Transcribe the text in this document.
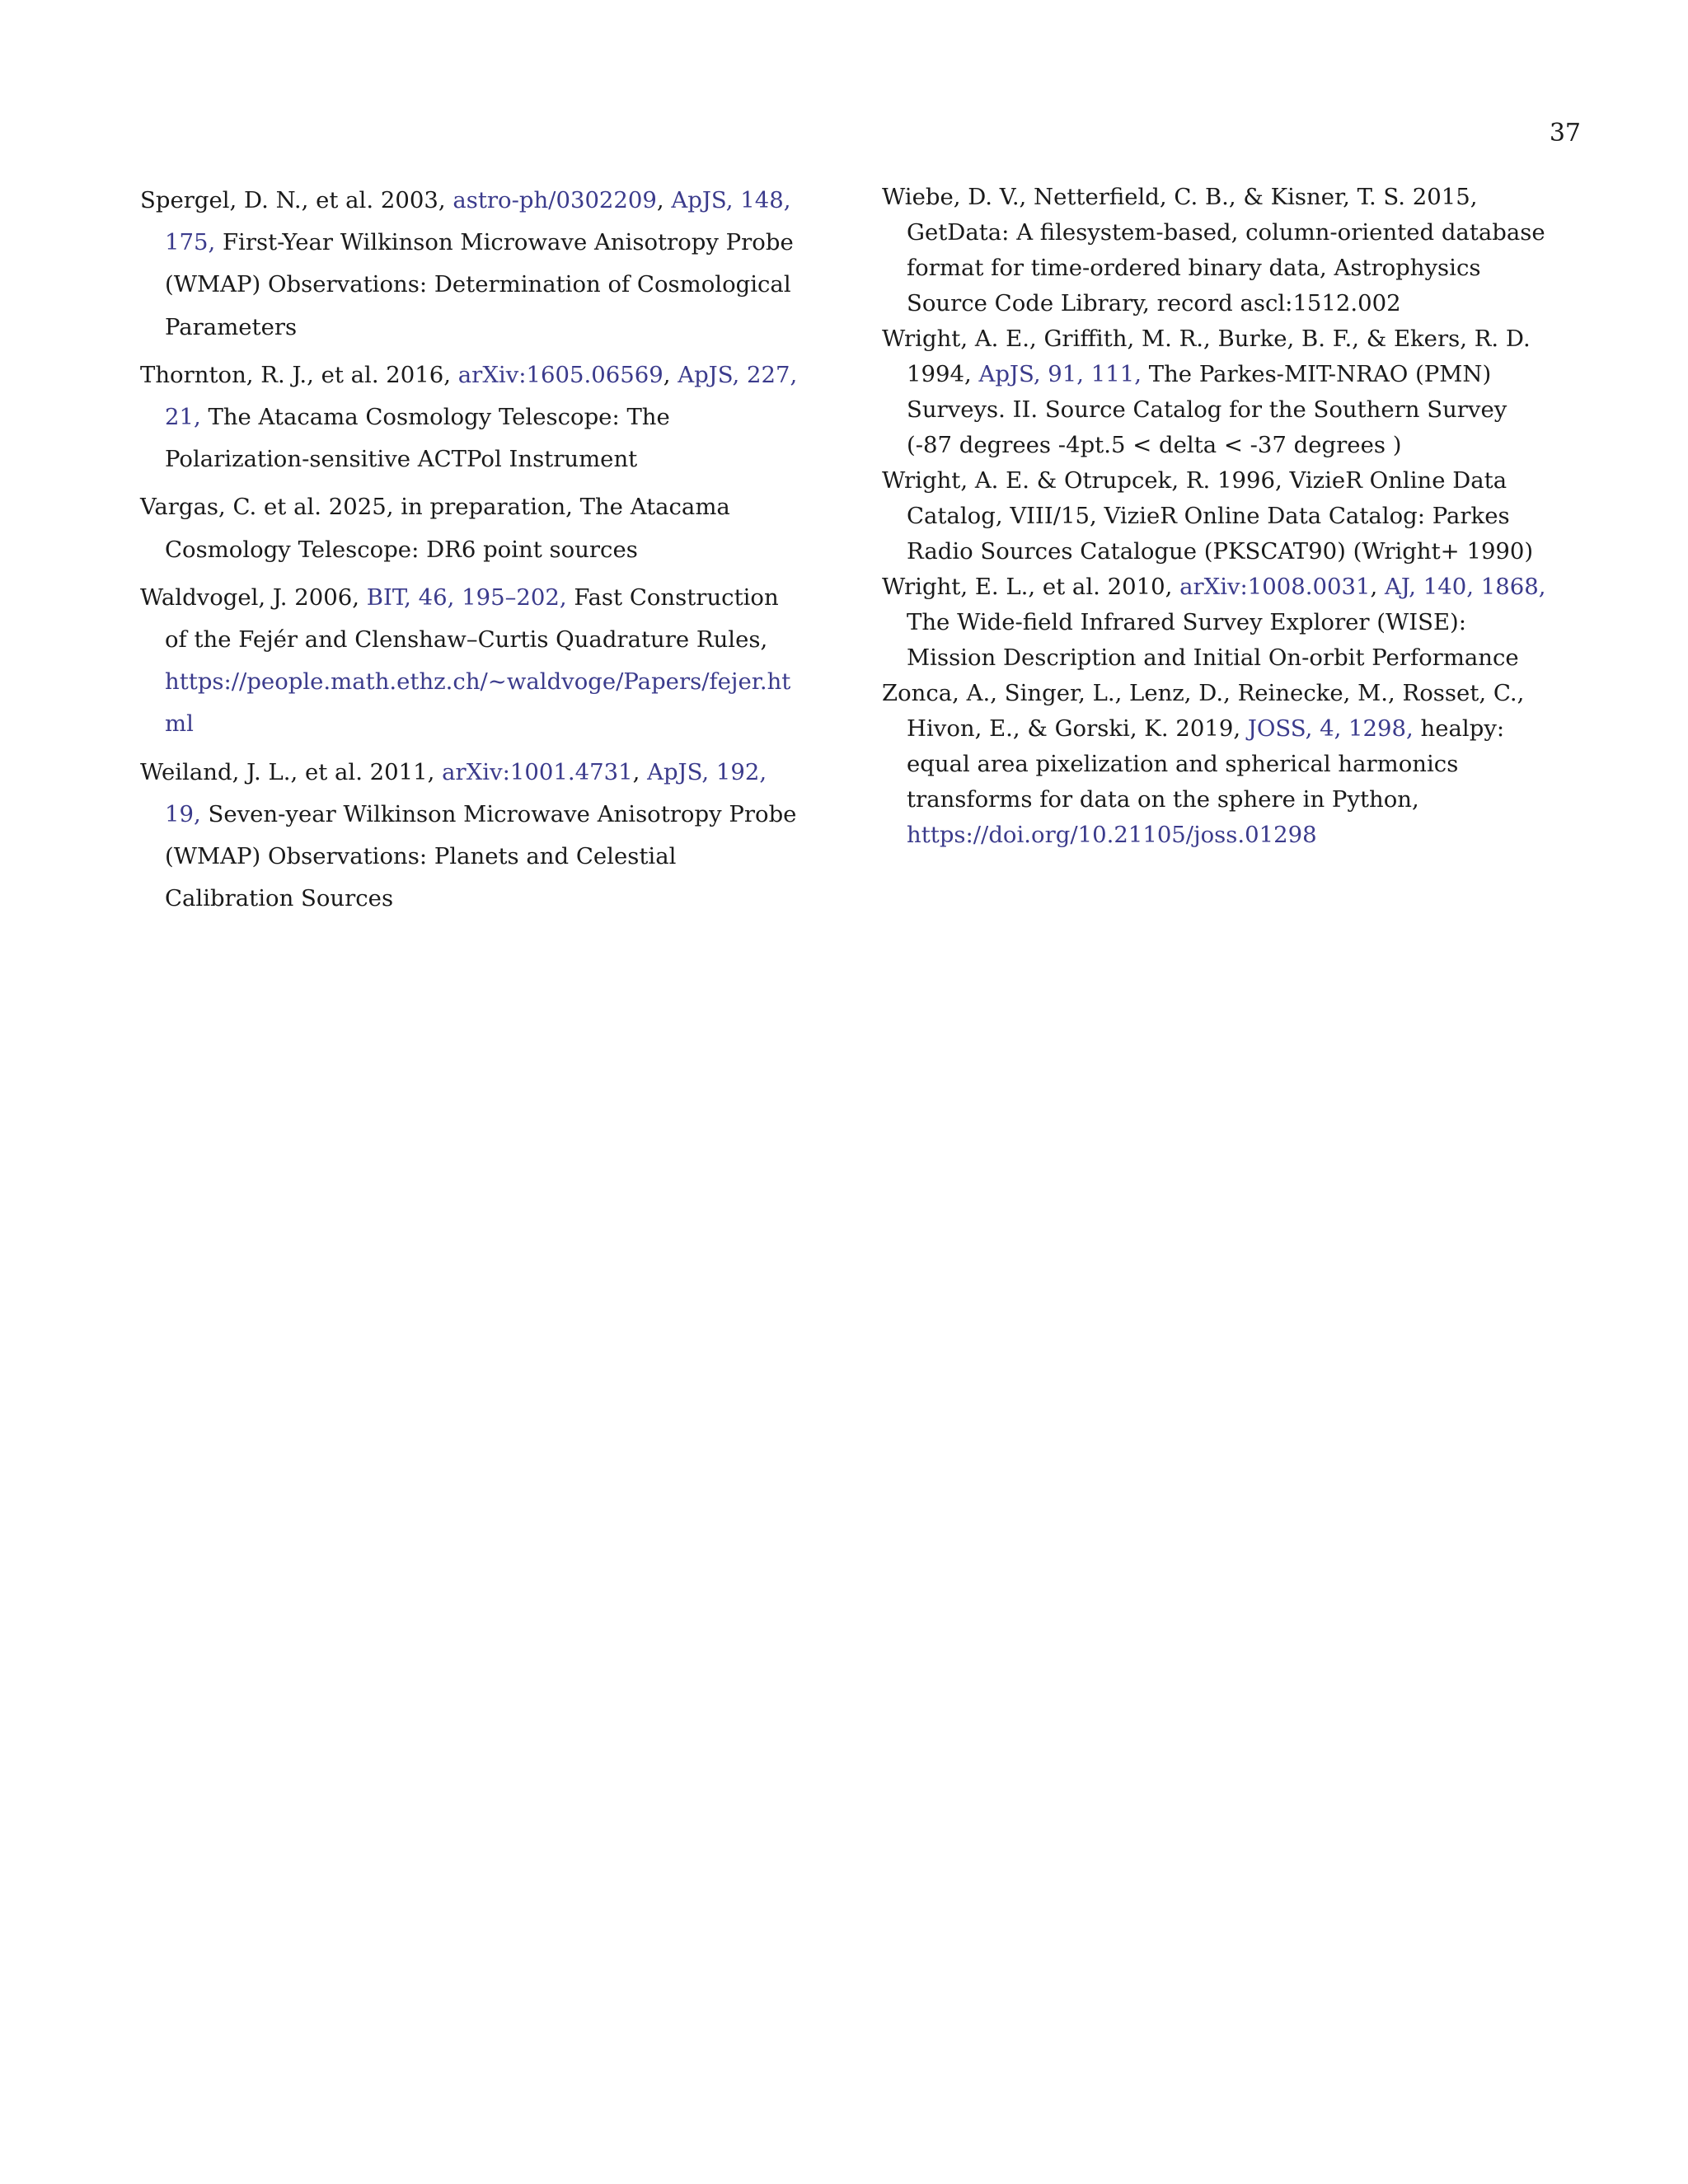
37

Spergel, D. N., et al. 2003, astro-ph/0302209, ApJS, 148, 175, First-Year Wilkinson Microwave Anisotropy Probe (WMAP) Observations: Determination of Cosmological Parameters

Thornton, R. J., et al. 2016, arXiv:1605.06569, ApJS, 227, 21, The Atacama Cosmology Telescope: The Polarization-sensitive ACTPol Instrument

Vargas, C. et al. 2025, in preparation, The Atacama Cosmology Telescope: DR6 point sources

Waldvogel, J. 2006, BIT, 46, 195–202, Fast Construction of the Fejér and Clenshaw–Curtis Quadrature Rules, https://people.math.ethz.ch/~waldvoge/Papers/fejer.html

Weiland, J. L., et al. 2011, arXiv:1001.4731, ApJS, 192, 19, Seven-year Wilkinson Microwave Anisotropy Probe (WMAP) Observations: Planets and Celestial Calibration Sources

Wiebe, D. V., Netterfield, C. B., & Kisner, T. S. 2015, GetData: A filesystem-based, column-oriented database format for time-ordered binary data, Astrophysics Source Code Library, record ascl:1512.002

Wright, A. E., Griffith, M. R., Burke, B. F., & Ekers, R. D. 1994, ApJS, 91, 111, The Parkes-MIT-NRAO (PMN) Surveys. II. Source Catalog for the Southern Survey (-87 degrees -4pt.5 < delta < -37 degrees )

Wright, A. E. & Otrupcek, R. 1996, VizieR Online Data Catalog, VIII/15, VizieR Online Data Catalog: Parkes Radio Sources Catalogue (PKSCAT90) (Wright+ 1990)

Wright, E. L., et al. 2010, arXiv:1008.0031, AJ, 140, 1868, The Wide-field Infrared Survey Explorer (WISE): Mission Description and Initial On-orbit Performance

Zonca, A., Singer, L., Lenz, D., Reinecke, M., Rosset, C., Hivon, E., & Gorski, K. 2019, JOSS, 4, 1298, healpy: equal area pixelization and spherical harmonics transforms for data on the sphere in Python, https://doi.org/10.21105/joss.01298
